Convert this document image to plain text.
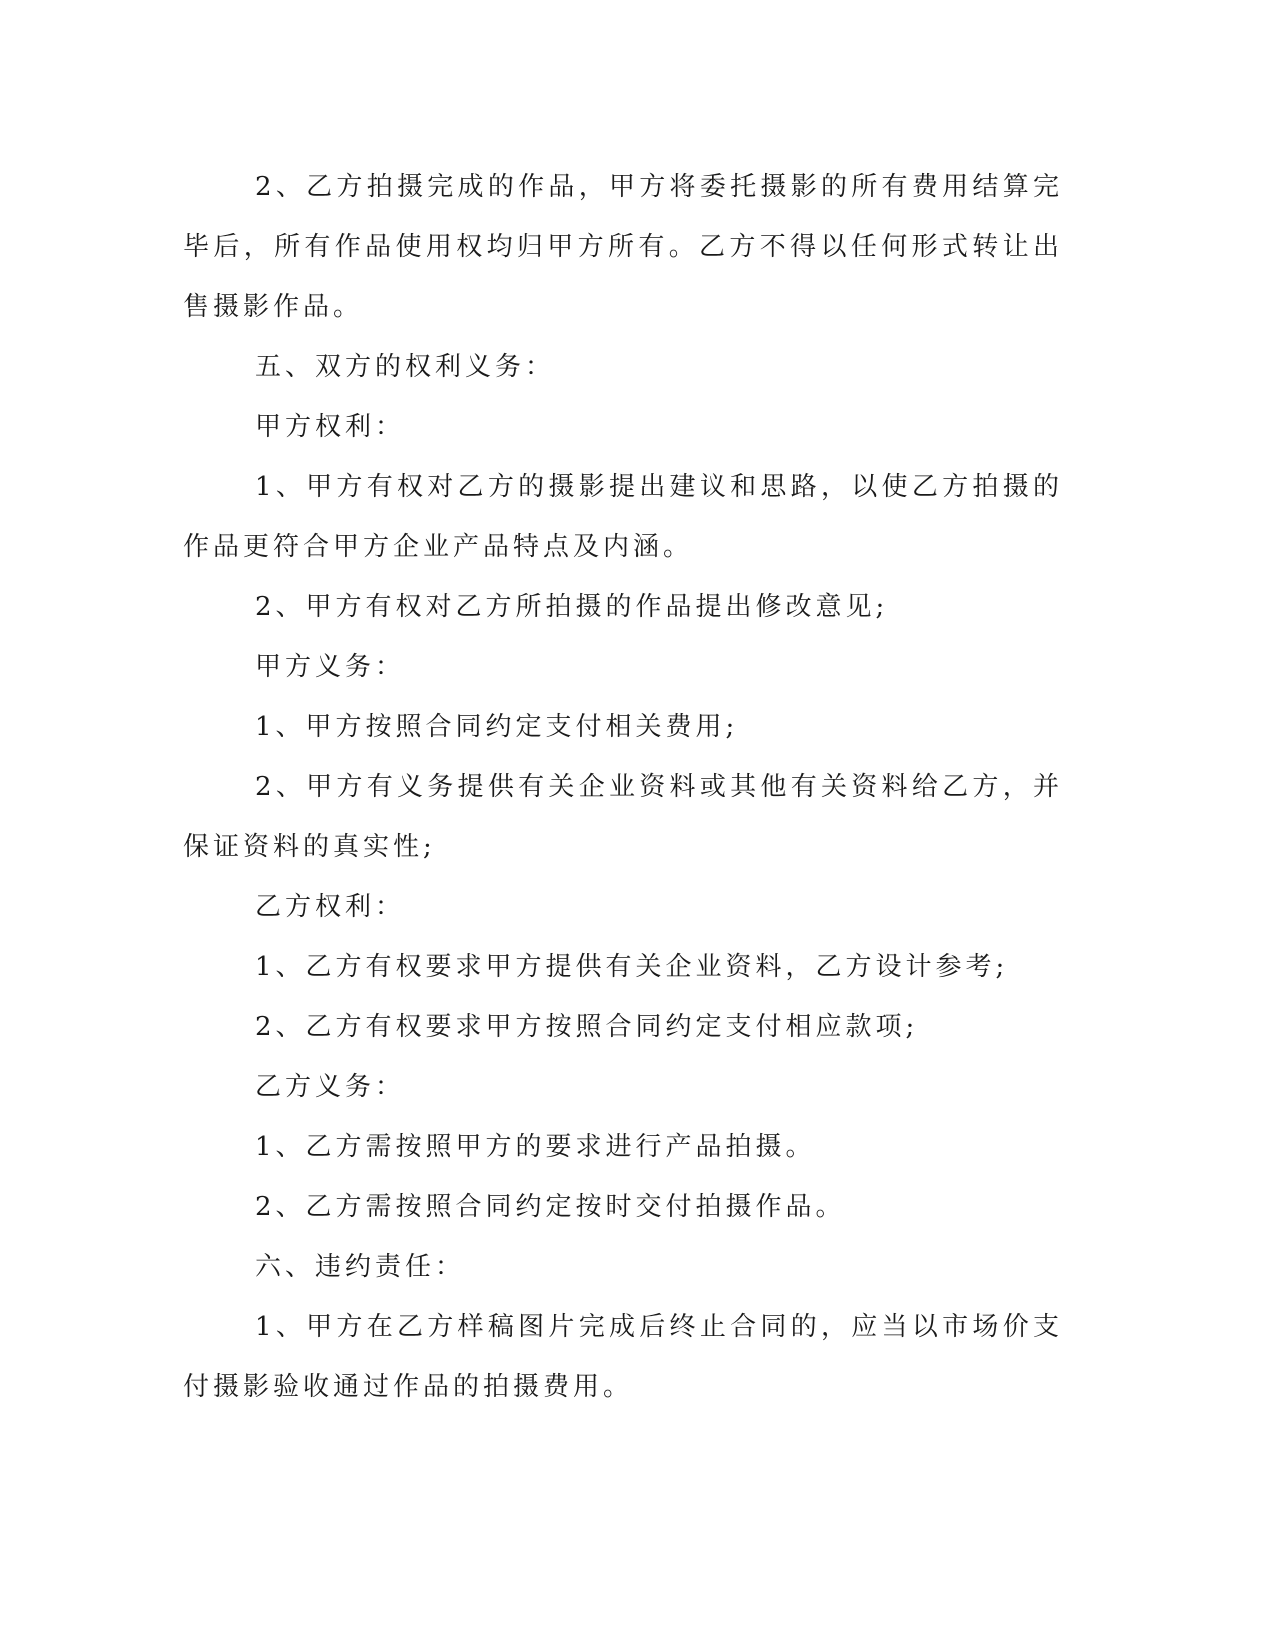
2、乙方拍摄完成的作品，甲方将委托摄影的所有费用结算完毕后，所有作品使用权均归甲方所有。乙方不得以任何形式转让出售摄影作品。

五、双方的权利义务：

甲方权利：

1、甲方有权对乙方的摄影提出建议和思路，以使乙方拍摄的作品更符合甲方企业产品特点及内涵。

2、甲方有权对乙方所拍摄的作品提出修改意见;

甲方义务：

1、甲方按照合同约定支付相关费用;

2、甲方有义务提供有关企业资料或其他有关资料给乙方，并保证资料的真实性;

乙方权利：

1、乙方有权要求甲方提供有关企业资料，乙方设计参考;

2、乙方有权要求甲方按照合同约定支付相应款项;

乙方义务：

1、乙方需按照甲方的要求进行产品拍摄。

2、乙方需按照合同约定按时交付拍摄作品。

六、违约责任：

1、甲方在乙方样稿图片完成后终止合同的，应当以市场价支付摄影验收通过作品的拍摄费用。
